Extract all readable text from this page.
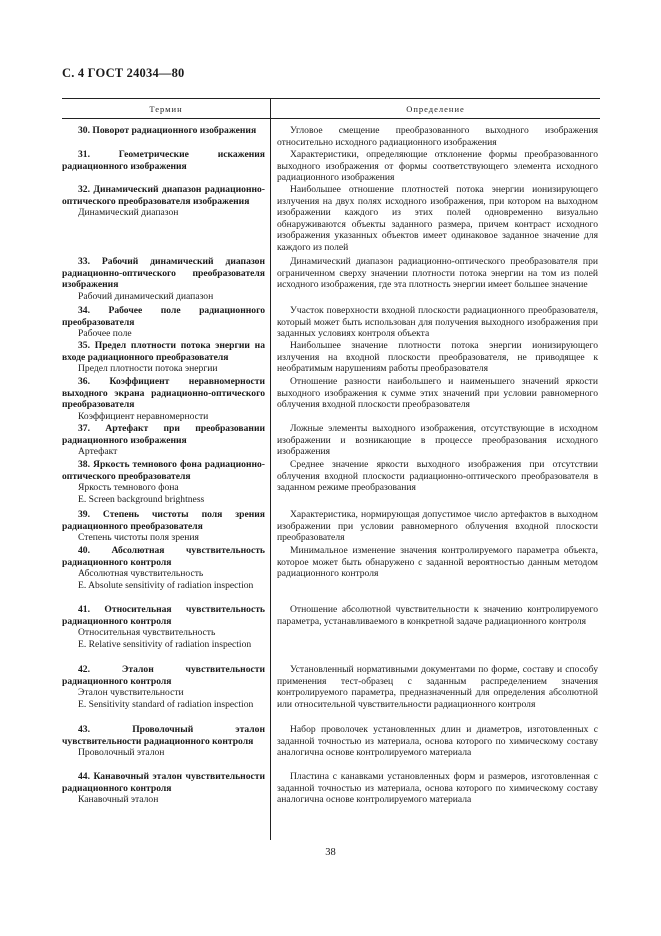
С. 4 ГОСТ 24034—80
Термин	Определение
30. Поворот радиационного изображения
31. Геометрические искажения радиационного изображения
32. Динамический диапазон радиационно-оптического преобразователя изображения
Динамический диапазон
33. Рабочий динамический диапазон радиационно-оптического преобразователя изображения
Рабочий динамический диапазон
34. Рабочее поле радиационного преобразователя
Рабочее поле
35. Предел плотности потока энергии на входе радиационного преобразователя
Предел плотности потока энергии
36. Коэффициент неравномерности выходного экрана радиационно-оптического преобразователя
Коэффициент неравномерности
37. Артефакт при преобразовании радиационного изображения
Артефакт
38. Яркость темнового фона радиационно-оптического преобразователя
Яркость темнового фона
E. Screen background brightness
39. Степень чистоты поля зрения радиационного преобразователя
Степень чистоты поля зрения
40. Абсолютная чувствительность радиационного контроля
Абсолютная чувствительность
E. Absolute sensitivity of radiation inspection
41. Относительная чувствительность радиационного контроля
Относительная чувствительность
E. Relative sensitivity of radiation inspection
42. Эталон чувствительности радиационного контроля
Эталон чувствительности
E. Sensitivity standard of radiation inspection
43. Проволочный эталон чувствительности радиационного контроля
Проволочный эталон
44. Канавочный эталон чувствительности радиационного контроля
Канавочный эталон
Угловое смещение преобразованного выходного изображения относительно исходного радиационного изображения
Характеристики, определяющие отклонение формы преобразованного выходного изображения от формы соответствующего элемента исходного радиационного изображения
Наибольшее отношение плотностей потока энергии ионизирующего излучения на двух полях исходного изображения, при котором на выходном изображении каждого из этих полей одновременно визуально обнаруживаются объекты заданного размера, причем контраст исходного изображения указанных объектов имеет одинаковое заданное значение для каждого из полей
Динамический диапазон радиационно-оптического преобразователя при ограниченном сверху значении плотности потока энергии на том из полей исходного изображения, где эта плотность энергии имеет большее значение
Участок поверхности входной плоскости радиационного преобразователя, который может быть использован для получения выходного изображения при заданных условиях контроля объекта
Наибольшее значение плотности потока энергии ионизирующего излучения на входной плоскости преобразователя, не приводящее к необратимым нарушениям работы преобразователя
Отношение разности наибольшего и наименьшего значений яркости выходного изображения к сумме этих значений при условии равномерного облучения входной плоскости преобразователя
Ложные элементы выходного изображения, отсутствующие в исходном изображении и возникающие в процессе преобразования исходного изображения
Среднее значение яркости выходного изображения при отсутствии облучения входной плоскости радиационно-оптического преобразователя в заданном режиме преобразования
Характеристика, нормирующая допустимое число артефактов в выходном изображении при условии равномерного облучения входной плоскости преобразователя
Минимальное изменение значения контролируемого параметра объекта, которое может быть обнаружено с заданной вероятностью данным методом радиационного контроля
Отношение абсолютной чувствительности к значению контролируемого параметра, устанавливаемого в конкретной задаче радиационного контроля
Установленный нормативными документами по форме, составу и способу применения тест-образец с заданным распределением значения контролируемого параметра, предназначенный для определения абсолютной или относительной чувствительности радиационного контроля
Набор проволочек установленных длин и диаметров, изготовленных с заданной точностью из материала, основа которого по химическому составу аналогична основе контролируемого материала
Пластина с канавками установленных форм и размеров, изготовленная с заданной точностью из материала, основа которого по химическому составу аналогична основе контролируемого материала
38
